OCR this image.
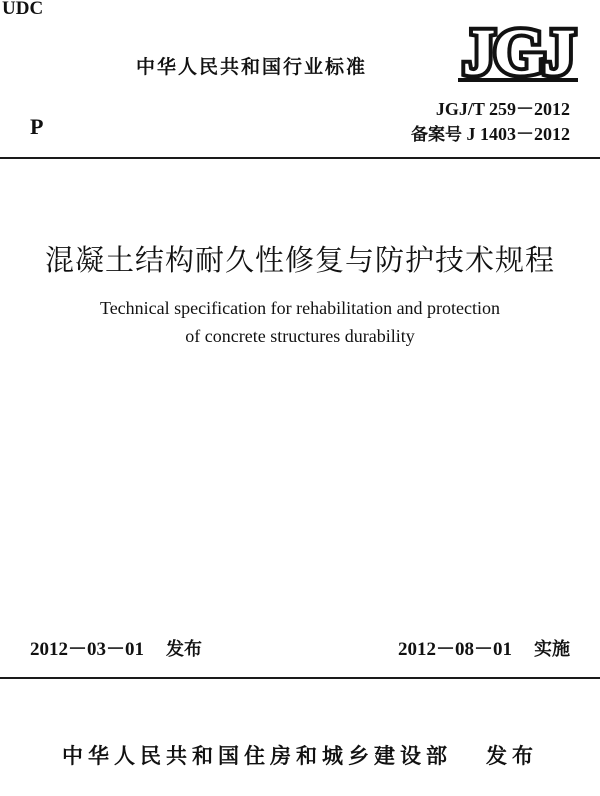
UDC
中华人民共和国行业标准 JGJ
P
JGJ/T 259－2012
备案号 J 1403－2012
混凝土结构耐久性修复与防护技术规程
Technical specification for rehabilitation and protection
of concrete structures durability
2012－03－01 发布	2012－08－01 实施
中华人民共和国住房和城乡建设部 发布
